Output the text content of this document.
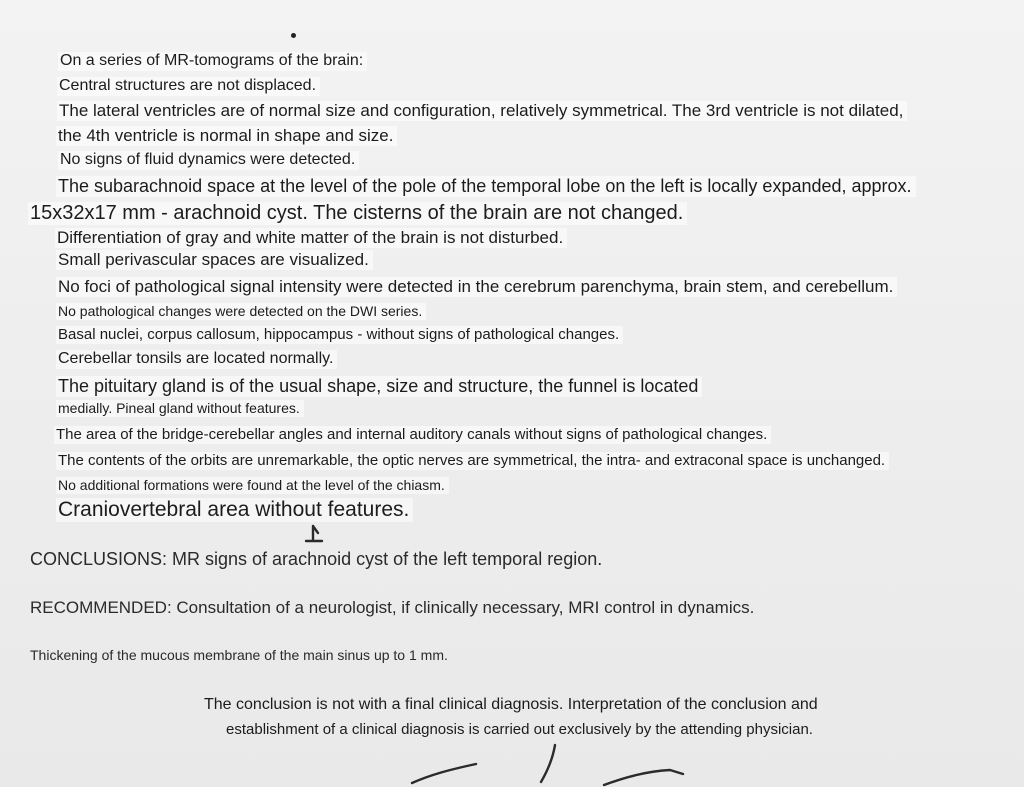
On a series of MR-tomograms of the brain:
Central structures are not displaced.
The lateral ventricles are of normal size and configuration, relatively symmetrical. The 3rd ventricle is not dilated,
the 4th ventricle is normal in shape and size.
No signs of fluid dynamics were detected.
The subarachnoid space at the level of the pole of the temporal lobe on the left is locally expanded, approx.
15x32x17 mm - arachnoid cyst. The cisterns of the brain are not changed.
Differentiation of gray and white matter of the brain is not disturbed.
Small perivascular spaces are visualized.
No foci of pathological signal intensity were detected in the cerebrum parenchyma, brain stem, and cerebellum.
No pathological changes were detected on the DWI series.
Basal nuclei, corpus callosum, hippocampus - without signs of pathological changes.
Cerebellar tonsils are located normally.
The pituitary gland is of the usual shape, size and structure, the funnel is located
medially. Pineal gland without features.
The area of the bridge-cerebellar angles and internal auditory canals without signs of pathological changes.
The contents of the orbits are unremarkable, the optic nerves are symmetrical, the intra- and extraconal space is unchanged.
No additional formations were found at the level of the chiasm.
Craniovertebral area without features.
CONCLUSIONS: MR signs of arachnoid cyst of the left temporal region.
RECOMMENDED: Consultation of a neurologist, if clinically necessary, MRI control in dynamics.
Thickening of the mucous membrane of the main sinus up to 1 mm.
The conclusion is not with a final clinical diagnosis. Interpretation of the conclusion and
establishment of a clinical diagnosis is carried out exclusively by the attending physician.
